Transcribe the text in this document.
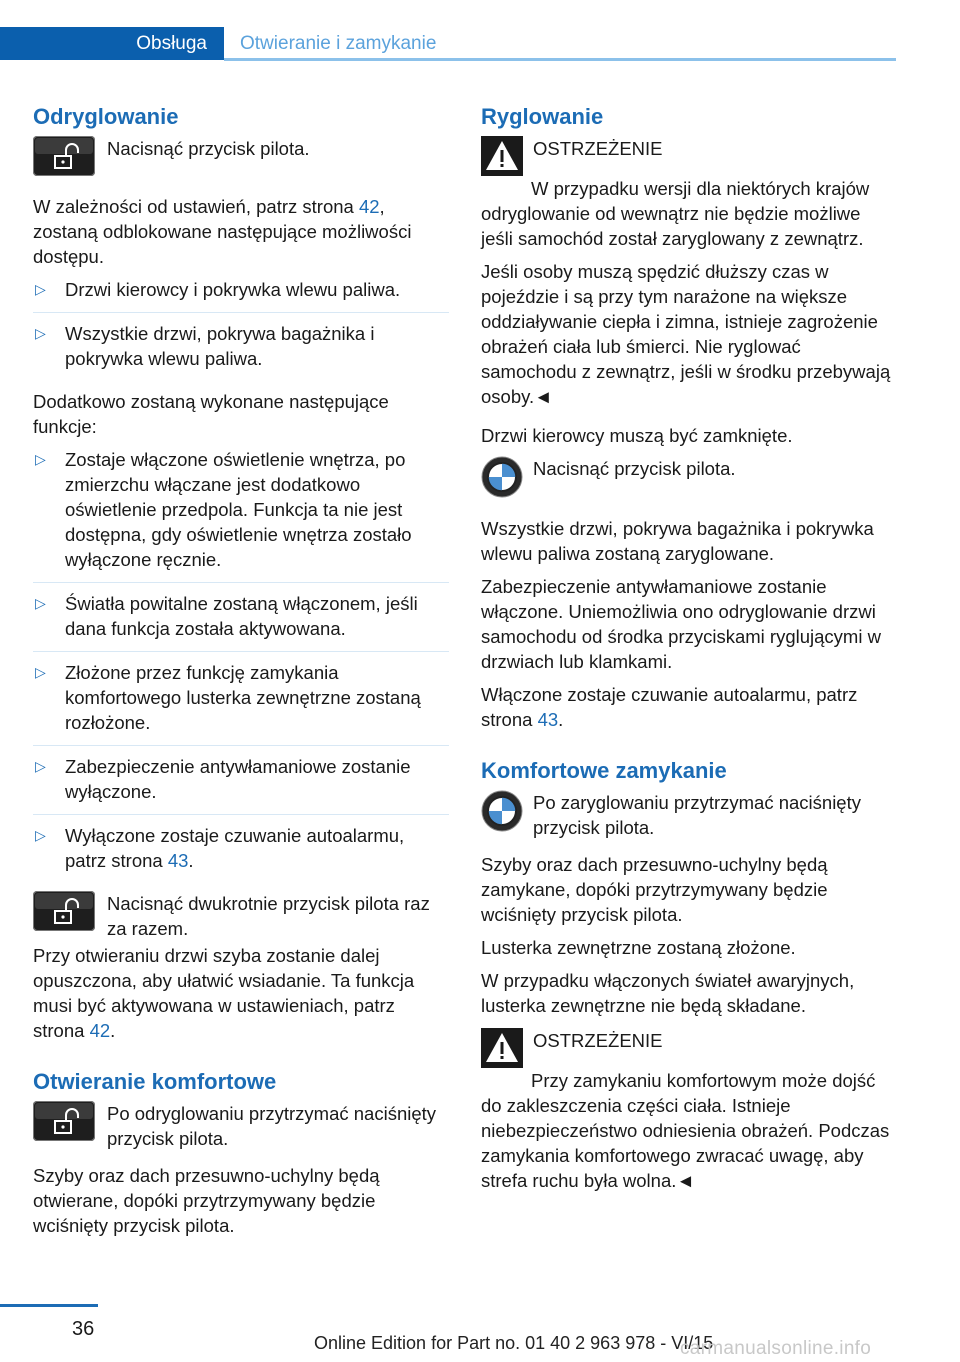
Obsługa	Otwieranie i zamykanie
Odryglowanie
Nacisnąć przycisk pilota.

W zależności od ustawień, patrz strona 42, zostaną odblokowane następujące możliwości dostępu.

▷ Drzwi kierowcy i pokrywka wlewu paliwa.
▷ Wszystkie drzwi, pokrywa bagażnika i pokrywka wlewu paliwa.

Dodatkowo zostaną wykonane następujące funkcje:

▷ Zostaje włączone oświetlenie wnętrza, po zmierzchu włączane jest dodatkowo oświetlenie przedpola. Funkcja ta nie jest dostępna, gdy oświetlenie wnętrza zostało wyłączone ręcznie.
▷ Światła powitalne zostaną włączonem, jeśli dana funkcja została aktywowana.
▷ Złożone przez funkcję zamykania komfortowego lusterka zewnętrzne zostaną rozłożone.
▷ Zabezpieczenie antywłamaniowe zostanie wyłączone.
▷ Wyłączone zostaje czuwanie autoalarmu, patrz strona 43.
Nacisnąć dwukrotnie przycisk pilota raz za razem.

Przy otwieraniu drzwi szyba zostanie dalej opuszczona, aby ułatwić wsiadanie. Ta funkcja musi być aktywowana w ustawieniach, patrz strona 42.

Otwieranie komfortowe
Po odryglowaniu przytrzymać naciśnięty przycisk pilota.

Szyby oraz dach przesuwno-uchylny będą otwierane, dopóki przytrzymywany będzie wciśnięty przycisk pilota.

Ryglowanie
OSTRZEŻENIE

W przypadku wersji dla niektórych krajów odryglowanie od wewnątrz nie będzie możliwe jeśli samochód został zaryglowany z zewnątrz.

Jeśli osoby muszą spędzić dłuższy czas w pojeździe i są przy tym narażone na większe oddziaływanie ciepła i zimna, istnieje zagrożenie obrażeń ciała lub śmierci. Nie ryglować samochodu z zewnątrz, jeśli w środku przebywają osoby.◄

Drzwi kierowcy muszą być zamknięte.

Nacisnąć przycisk pilota.

Wszystkie drzwi, pokrywa bagażnika i pokrywka wlewu paliwa zostaną zaryglowane.

Zabezpieczenie antywłamaniowe zostanie włączone. Uniemożliwia ono odryglowanie drzwi samochodu od środka przyciskami ryglującymi w drzwiach lub klamkami.

Włączone zostaje czuwanie autoalarmu, patrz strona 43.

Komfortowe zamykanie
Po zaryglowaniu przytrzymać naciśnięty przycisk pilota.

Szyby oraz dach przesuwno-uchylny będą zamykane, dopóki przytrzymywany będzie wciśnięty przycisk pilota.

Lusterka zewnętrzne zostaną złożone.

W przypadku włączonych świateł awaryjnych, lusterka zewnętrzne nie będą składane.

OSTRZEŻENIE

Przy zamykaniu komfortowym może dojść do zakleszczenia części ciała. Istnieje niebezpieczeństwo odniesienia obrażeń. Podczas zamykania komfortowego zwracać uwagę, aby strefa ruchu była wolna.◄

36
Online Edition for Part no. 01 40 2 963 978 - VI/15
carmanualsonline.info
